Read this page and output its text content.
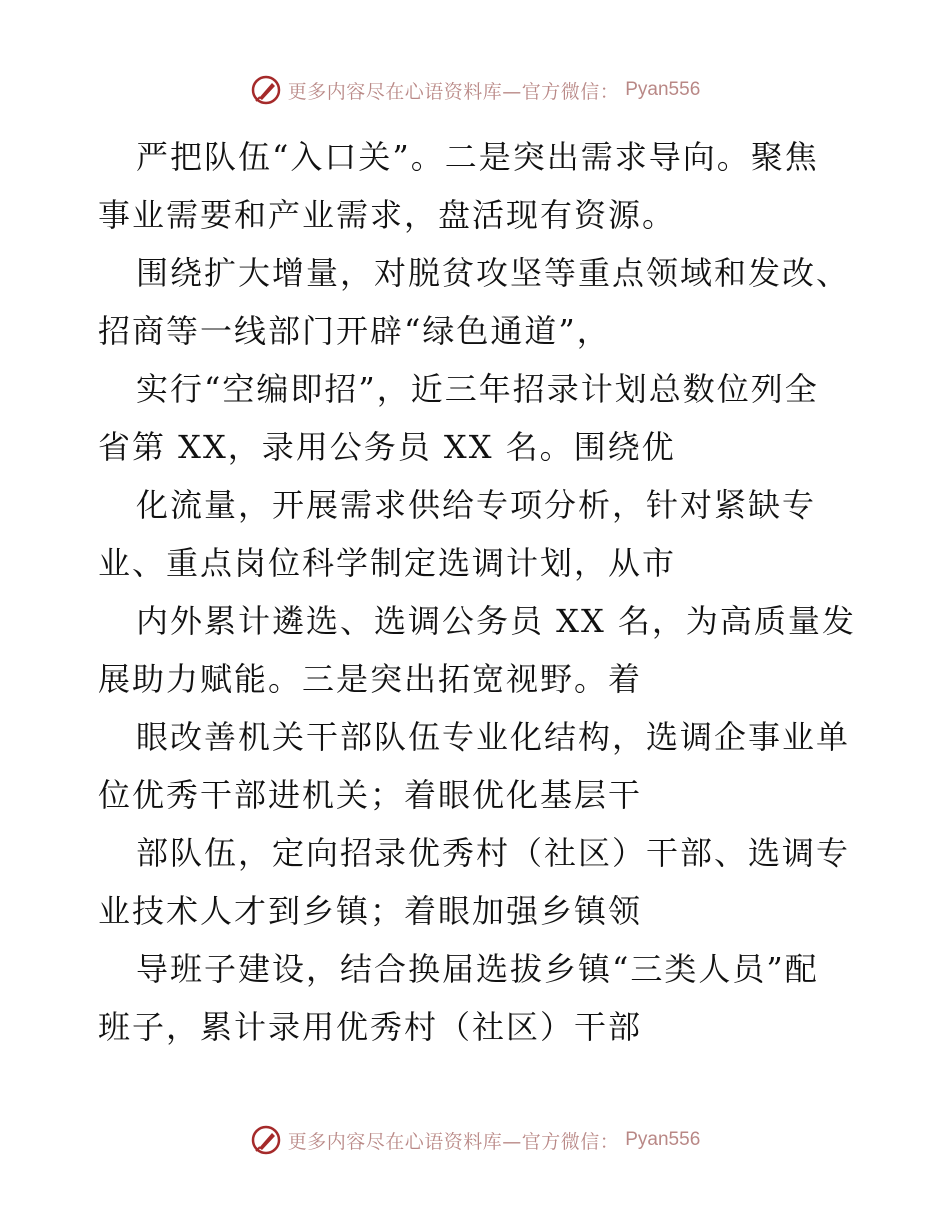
更多内容尽在心语资料库—官方微信： Pyan556
严把队伍“入口关”。二是突出需求导向。聚焦
事业需要和产业需求，盘活现有资源。
围绕扩大增量，对脱贫攻坚等重点领域和发改、
招商等一线部门开辟“绿色通道”，
实行“空编即招”，近三年招录计划总数位列全
省第 XX，录用公务员 XX 名。围绕优
化流量，开展需求供给专项分析，针对紧缺专
业、重点岗位科学制定选调计划，从市
内外累计遴选、选调公务员 XX 名，为高质量发
展助力赋能。三是突出拓宽视野。着
眼改善机关干部队伍专业化结构，选调企事业单
位优秀干部进机关；着眼优化基层干
部队伍，定向招录优秀村（社区）干部、选调专
业技术人才到乡镇；着眼加强乡镇领
导班子建设，结合换届选拔乡镇“三类人员”配
班子，累计录用优秀村（社区）干部
更多内容尽在心语资料库—官方微信： Pyan556
